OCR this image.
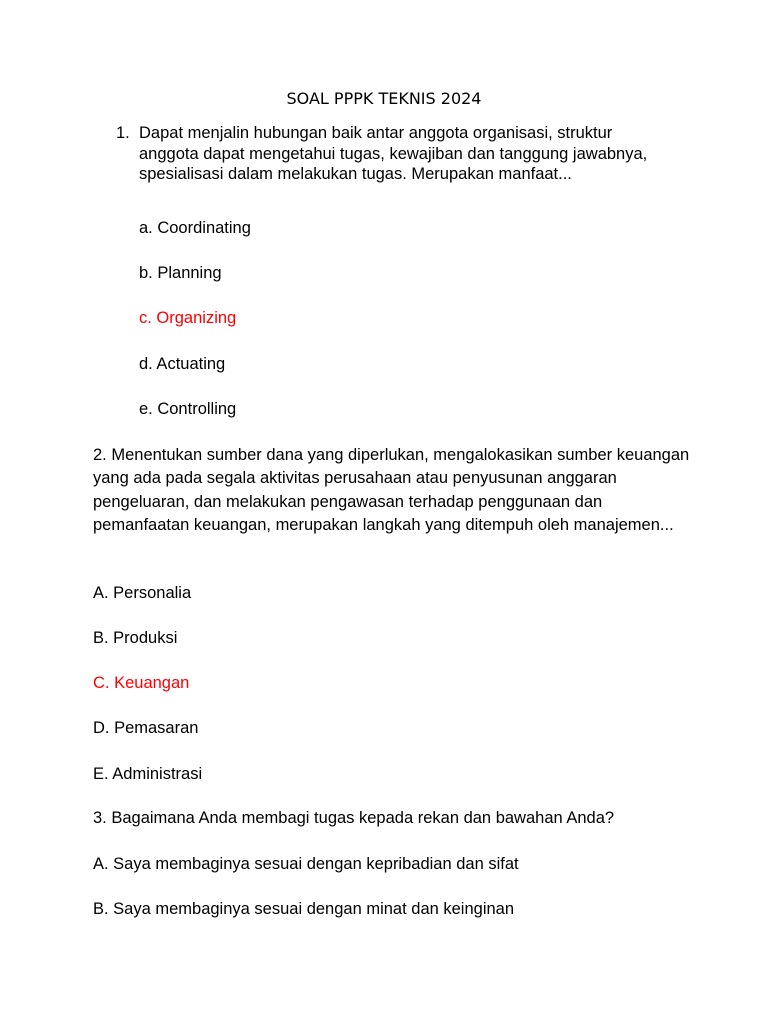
SOAL PPPK TEKNIS 2024
1. Dapat menjalin hubungan baik antar anggota organisasi, struktur anggota dapat mengetahui tugas, kewajiban dan tanggung jawabnya, spesialisasi dalam melakukan tugas. Merupakan manfaat...
a. Coordinating
b. Planning
c. Organizing
d. Actuating
e. Controlling
2. Menentukan sumber dana yang diperlukan, mengalokasikan sumber keuangan yang ada pada segala aktivitas perusahaan atau penyusunan anggaran pengeluaran, dan melakukan pengawasan terhadap penggunaan dan pemanfaatan keuangan, merupakan langkah yang ditempuh oleh manajemen...
A. Personalia
B. Produksi
C. Keuangan
D. Pemasaran
E. Administrasi
3. Bagaimana Anda membagi tugas kepada rekan dan bawahan Anda?
A. Saya membaginya sesuai dengan kepribadian dan sifat
B. Saya membaginya sesuai dengan minat dan keinginan
